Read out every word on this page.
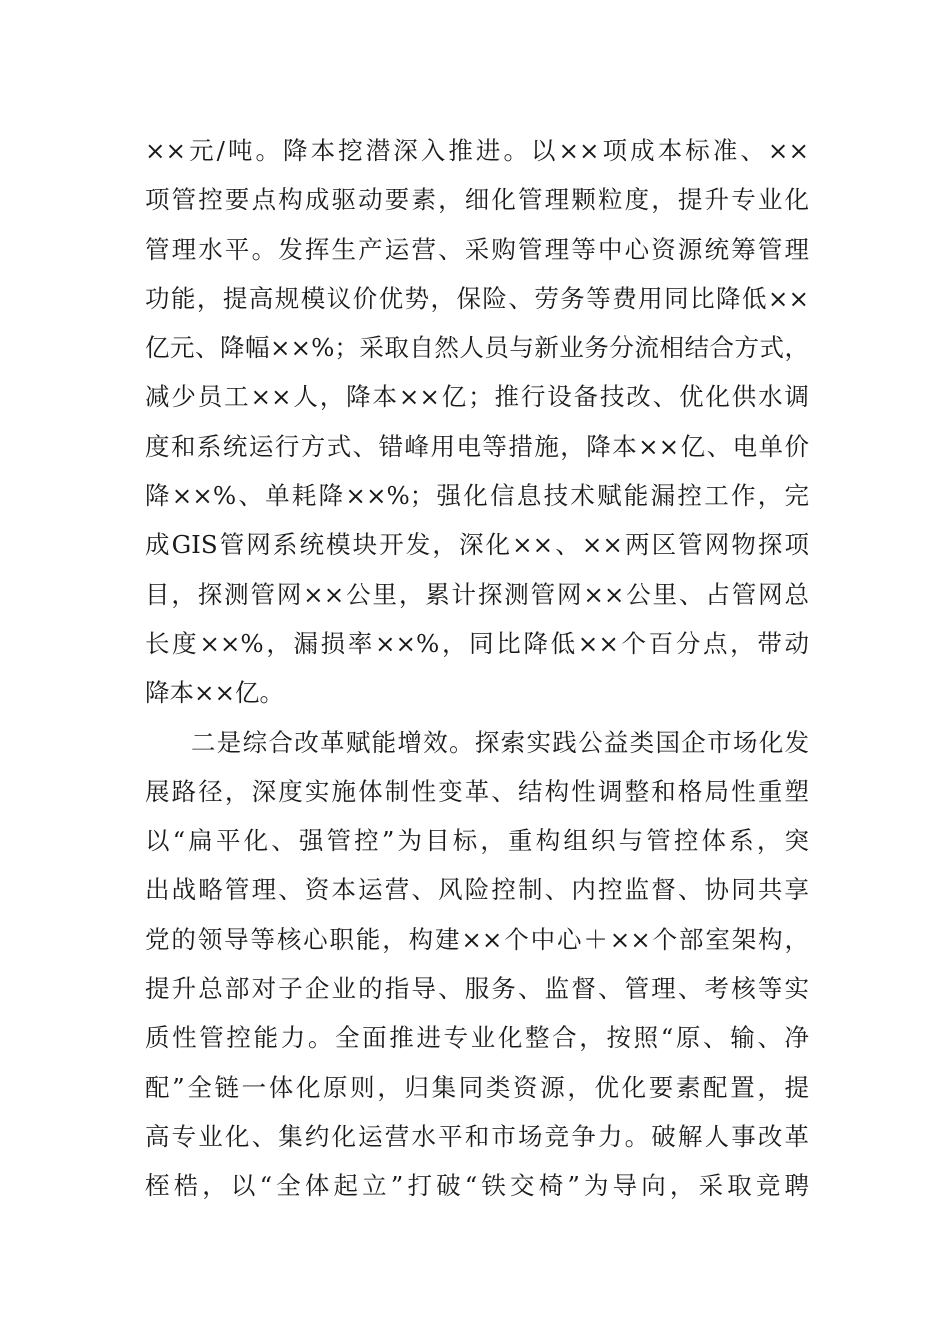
××元/吨。降本挖潜深入推进。以××项成本标准、××
项管控要点构成驱动要素，细化管理颗粒度，提升专业化
管理水平。发挥生产运营、采购管理等中心资源统筹管理
功能，提高规模议价优势，保险、劳务等费用同比降低××
亿元、降幅××%；采取自然人员与新业务分流相结合方式，
减少员工××人，降本××亿；推行设备技改、优化供水调
度和系统运行方式、错峰用电等措施，降本××亿、电单价
降××%、单耗降××%；强化信息技术赋能漏控工作，完
成GIS管网系统模块开发，深化××、××两区管网物探项
目，探测管网××公里，累计探测管网××公里、占管网总
长度××%，漏损率××%，同比降低××个百分点，带动
降本××亿。
二是综合改革赋能增效。探索实践公益类国企市场化发
展路径，深度实施体制性变革、结构性调整和格局性重塑
以“扁平化、强管控”为目标，重构组织与管控体系，突
出战略管理、资本运营、风险控制、内控监督、协同共享
党的领导等核心职能，构建××个中心＋××个部室架构，
提升总部对子企业的指导、服务、监督、管理、考核等实
质性管控能力。全面推进专业化整合，按照“原、输、净
配”全链一体化原则，归集同类资源，优化要素配置，提
高专业化、集约化运营水平和市场竞争力。破解人事改革
桎梏，以“全体起立”打破“铁交椅”为导向，采取竞聘
